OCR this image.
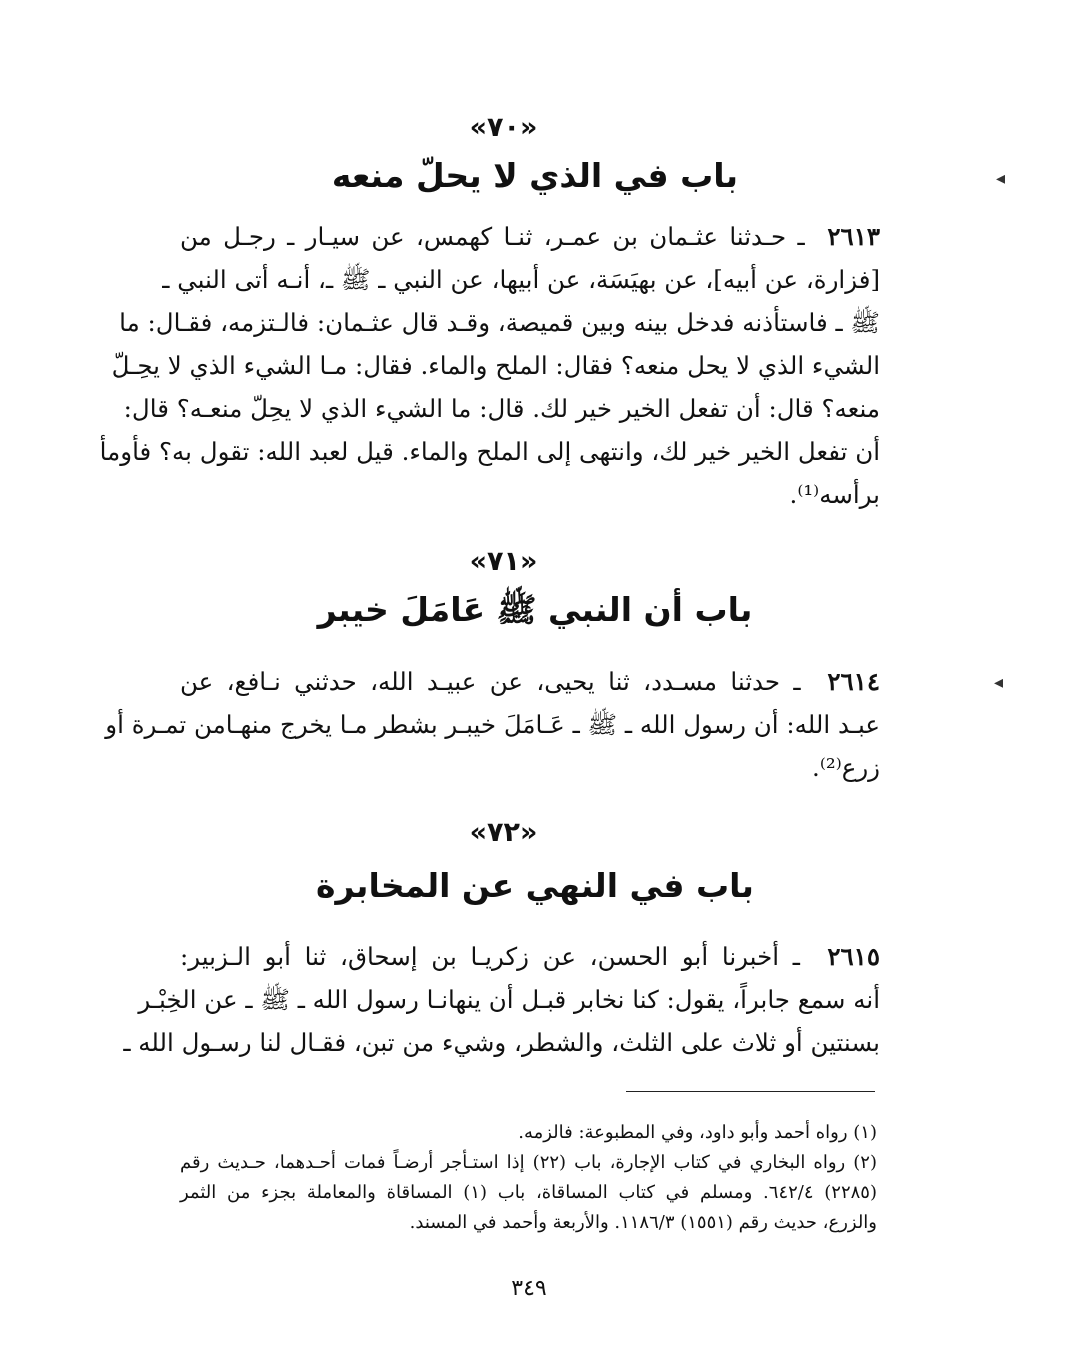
«٧٠»
باب في الذي لا يحلّ منعه
٢٦١٣  ـ حـدثنا عثـمان بن عمـر، ثنـا كهمس، عن سيـار ـ رجـل من
[فزارة، عن أبيه]، عن بهيَسَة، عن أبيها، عن النبي ـ ﷺ ـ، أنـه أتى النبي ـ
ﷺ ـ فاستأذنه فدخل بينه وبين قميصة، وقـد قال عثـمان: فالـتزمه، فقـال: ما
الشيء الذي لا يحل منعه؟ فقال: الملح والماء. فقال: مـا الشيء الذي لا يحِـلّ
منعه؟ قال: أن تفعل الخير خير لك. قال: ما الشيء الذي لا يحِلّ منعـه؟ قال:
أن تفعل الخير خير لك، وانتهى إلى الملح والماء. قيل لعبد الله: تقول به؟ فأومأ
برأسه⁽¹⁾.
«٧١»
باب أن النبي ﷺ عَامَلَ خيبر
٢٦١٤  ـ حدثنا مسـدد، ثنا يحيى، عن عبيـد الله، حدثني نـافع، عن
عبـد الله: أن رسول الله ـ ﷺ ـ عَـامَلَ خيبـر بشطر مـا يخرج منهـامن تمـرة أو
زرع⁽²⁾.
«٧٢»
باب في النهي عن المخابرة
٢٦١٥  ـ أخبرنا أبو الحسن، عن زكريـا بن إسحاق، ثنا أبو الـزبير:
أنه سمع جابراً، يقول: كنا نخابر قبـل أن ينهانـا رسول الله ـ ﷺ ـ عن الخِبْـر
بسنتين أو ثلاث على الثلث، والشطر، وشيء من تبن، فقـال لنا رسـول الله ـ
(١) رواه أحمد وأبو داود، وفي المطبوعة: فالزمه.
(٢) رواه البخاري في كتاب الإجارة، باب (٢٢) إذا استـأجر أرضـاً فمات أحـدهما، حـديث رقم
(٢٢٨٥) ٦٤٢/٤. ومسلم في كتاب المساقاة، باب (١) المساقاة والمعاملة بجزء من الثمر
والزرع، حديث رقم (١٥٥١) ١١٨٦/٣. والأربعة وأحمد في المسند.
٣٤٩
◂
◂
